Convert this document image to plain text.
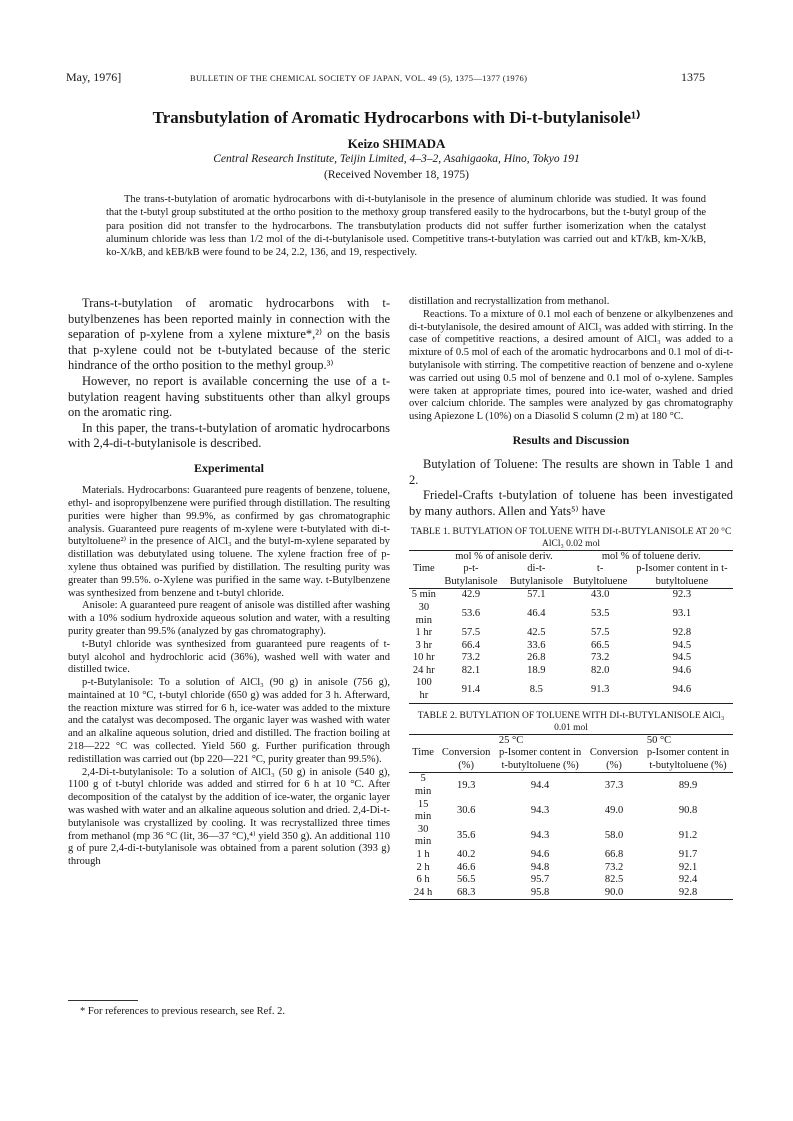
May, 1976]	BULLETIN OF THE CHEMICAL SOCIETY OF JAPAN, VOL. 49 (5), 1375—1377 (1976)	1375
Transbutylation of Aromatic Hydrocarbons with Di-t-butylanisole¹⁾
Keizo SHIMADA
Central Research Institute, Teijin Limited, 4–3–2, Asahigaoka, Hino, Tokyo 191
(Received November 18, 1975)
The trans-t-butylation of aromatic hydrocarbons with di-t-butylanisole in the presence of aluminum chloride was studied. It was found that the t-butyl group substituted at the ortho position to the methoxy group transfered easily to the hydrocarbons, but the t-butyl group of the para position did not transfer to the hydrocarbons. The transbutylation products did not suffer further isomerization when the catalyst aluminum chloride was less than 1/2 mol of the di-t-butylanisole used. Competitive trans-t-butylation was carried out and kT/kB, km-X/kB, ko-X/kB, and kEB/kB were found to be 24, 2.2, 136, and 19, respectively.

Trans-t-butylation of aromatic hydrocarbons with t-butylbenzenes has been reported mainly in connection with the separation of p-xylene from a xylene mixture*,²⁾ on the basis that p-xylene could not be t-butylated because of the steric hindrance of the ortho position to the methyl group.³⁾

However, no report is available concerning the use of a t-butylation reagent having substituents other than alkyl groups on the aromatic ring.

In this paper, the trans-t-butylation of aromatic hydrocarbons with 2,4-di-t-butylanisole is described.

Experimental

Materials. Hydrocarbons: Guaranteed pure reagents of benzene, toluene, ethyl- and isopropylbenzene were purified through distillation. The resulting purities were higher than 99.9%, as confirmed by gas chromatographic analysis. Guaranteed pure reagents of m-xylene were t-butylated with di-t-butyltoluene²⁾ in the presence of AlCl₃ and the butyl-m-xylene separated by distillation was debutylated using toluene. The xylene fraction free of p-xylene thus obtained was purified by distillation. The resulting purity was greater than 99.5%. o-Xylene was purified in the same way. t-Butylbenzene was synthesized from benzene and t-butyl chloride.

Anisole: A guaranteed pure reagent of anisole was distilled after washing with a 10% sodium hydroxide aqueous solution and water, with a resulting purity greater than 99.5% (analyzed by gas chromatography).

t-Butyl chloride was synthesized from guaranteed pure reagents of t-butyl alcohol and hydrochloric acid (36%), washed well with water and distilled twice.

p-t-Butylanisole: To a solution of AlCl₃ (90 g) in anisole (756 g), maintained at 10 °C, t-butyl chloride (650 g) was added for 3 h. Afterward, the reaction mixture was stirred for 6 h, ice-water was added to the mixture and the catalyst was decomposed. The organic layer was washed with water and an alkaline aqueous solution, dried and distilled. The fraction boiling at 218—222 °C was collected. Yield 560 g. Further purification through redistillation was carried out (bp 220—221 °C, purity greater than 99.5%).

2,4-Di-t-butylanisole: To a solution of AlCl₃ (50 g) in anisole (540 g), 1100 g of t-butyl chloride was added and stirred for 6 h at 10 °C. After decomposition of the catalyst by the addition of ice-water, the organic layer was washed with water and an alkaline aqueous solution and dried. 2,4-Di-t-butylanisole was crystallized by cooling. It was recrystallized three times from methanol (mp 36 °C (lit, 36—37 °C),⁴⁾ yield 350 g). An additional 110 g of pure 2,4-di-t-butylanisole was obtained from a parent solution (393 g) through

* For references to previous research, see Ref. 2.

distillation and recrystallization from methanol.

Reactions. To a mixture of 0.1 mol each of benzene or alkylbenzenes and di-t-butylanisole, the desired amount of AlCl₃ was added with stirring. In the case of competitive reactions, a desired amount of AlCl₃ was added to a mixture of 0.5 mol of each of the aromatic hydrocarbons and 0.1 mol of di-t-butylanisole with stirring. The competitive reaction of benzene and o-xylene was carried out using 0.5 mol of benzene and 0.1 mol of o-xylene. Samples were taken at appropriate times, poured into ice-water, washed and dried over calcium chloride. The samples were analyzed by gas chromatography using Apiezone L (10%) on a Diasolid S column (2 m) at 180 °C.

Results and Discussion

Butylation of Toluene: The results are shown in Table 1 and 2.

Friedel-Crafts t-butylation of toluene has been investigated by many authors. Allen and Yats⁵⁾ have

TABLE 1. BUTYLATION OF TOLUENE WITH DI-t-BUTYLANISOLE AT 20 °C AlCl₃ 0.02 mol
Time	mol % of anisole deriv.		mol % of toluene deriv.	
	p-t-Butylanisole	di-t-Butylanisole	t-Butyltoluene	p-Isomer content in t-butyltoluene
5 min	42.9	57.1	43.0	92.3
30 min	53.6	46.4	53.5	93.1
1 hr	57.5	42.5	57.5	92.8
3 hr	66.4	33.6	66.5	94.5
10 hr	73.2	26.8	73.2	94.5
24 hr	82.1	18.9	82.0	94.6
100 hr	91.4	8.5	91.3	94.6
TABLE 2. BUTYLATION OF TOLUENE WITH DI-t-BUTYLANISOLE AlCl₃ 0.01 mol
Time	25 °C		50 °C	
	Conversion (%)	p-Isomer content in t-butyltoluene (%)	Conversion (%)	p-Isomer content in t-butyltoluene (%)
5 min	19.3	94.4	37.3	89.9
15 min	30.6	94.3	49.0	90.8
30 min	35.6	94.3	58.0	91.2
1 h	40.2	94.6	66.8	91.7
2 h	46.6	94.8	73.2	92.1
6 h	56.5	95.7	82.5	92.4
24 h	68.3	95.8	90.0	92.8
